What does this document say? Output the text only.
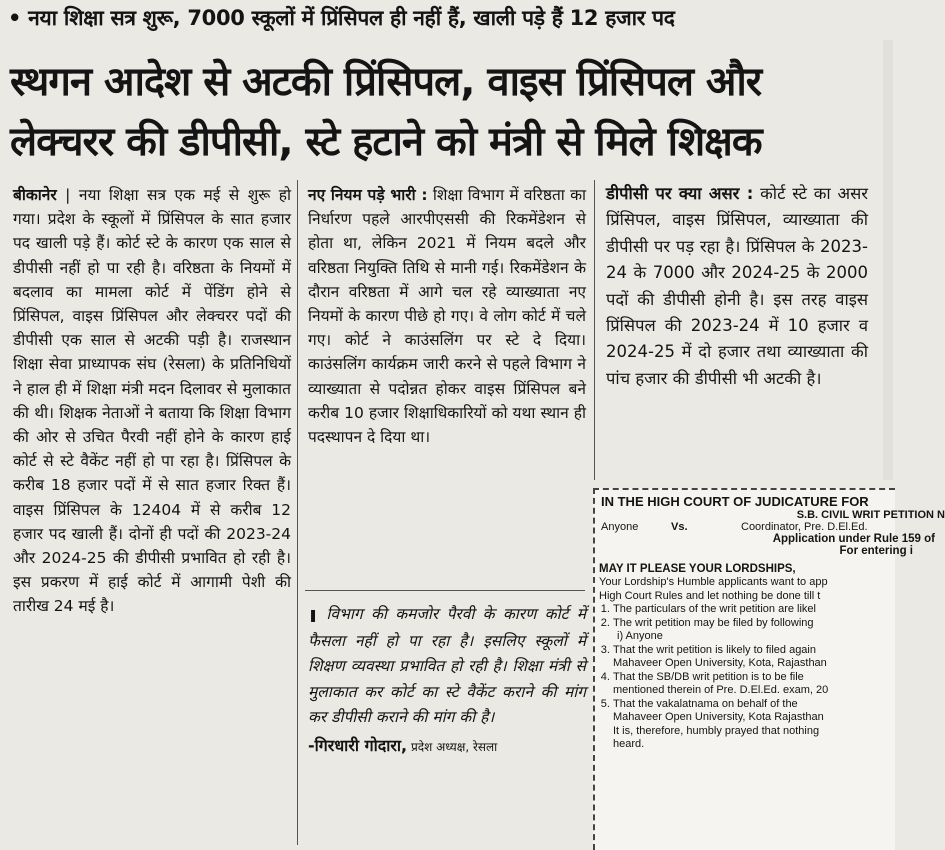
• नया शिक्षा सत्र शुरू, 7000 स्कूलों में प्रिंसिपल ही नहीं हैं, खाली पड़े हैं 12 हजार पद
स्थगन आदेश से अटकी प्रिंसिपल, वाइस प्रिंसिपल और
लेक्चरर की डीपीसी, स्टे हटाने को मंत्री से मिले शिक्षक

बीकानेर | नया शिक्षा सत्र एक मई से शुरू हो गया। प्रदेश के स्कूलों में प्रिंसिपल के सात हजार पद खाली पड़े हैं। कोर्ट स्टे के कारण एक साल से डीपीसी नहीं हो पा रही है। वरिष्ठता के नियमों में बदलाव का मामला कोर्ट में पेंडिंग होने से प्रिंसिपल, वाइस प्रिंसिपल और लेक्चरर पदों की डीपीसी एक साल से अटकी पड़ी है। राजस्थान शिक्षा सेवा प्राध्यापक संघ (रेसला) के प्रतिनिधियों ने हाल ही में शिक्षा मंत्री मदन दिलावर से मुलाकात की थी। शिक्षक नेताओं ने बताया कि शिक्षा विभाग की ओर से उचित पैरवी नहीं होने के कारण हाई कोर्ट से स्टे वैकेंट नहीं हो पा रहा है। प्रिंसिपल के करीब 18 हजार पदों में से सात हजार रिक्त हैं। वाइस प्रिंसिपल के 12404 में से करीब 12 हजार पद खाली हैं। दोनों ही पदों की 2023-24 और 2024-25 की डीपीसी प्रभावित हो रही है। इस प्रकरण में हाई कोर्ट में आगामी पेशी की तारीख 24 मई है।

नए नियम पड़े भारी : शिक्षा विभाग में वरिष्ठता का निर्धारण पहले आरपीएससी की रिकमेंडेशन से होता था, लेकिन 2021 में नियम बदले और वरिष्ठता नियुक्ति तिथि से मानी गई। रिकमेंडेशन के दौरान वरिष्ठता में आगे चल रहे व्याख्याता नए नियमों के कारण पीछे हो गए। वे लोग कोर्ट में चले गए। कोर्ट ने काउंसलिंग पर स्टे दे दिया। काउंसलिंग कार्यक्रम जारी करने से पहले विभाग ने व्याख्याता से पदोन्नत होकर वाइस प्रिंसिपल बने करीब 10 हजार शिक्षाधिकारियों को यथा स्थान ही पदस्थापन दे दिया था।

❚ विभाग की कमजोर पैरवी के कारण कोर्ट में फैसला नहीं हो पा रहा है। इसलिए स्कूलों में शिक्षण व्यवस्था प्रभावित हो रही है। शिक्षा मंत्री से मुलाकात कर कोर्ट का स्टे वैकेंट कराने की मांग कर डीपीसी कराने की मांग की है।

-गिरधारी गोदारा, प्रदेश अध्यक्ष, रेसला

डीपीसी पर क्या असर : कोर्ट स्टे का असर प्रिंसिपल, वाइस प्रिंसिपल, व्याख्याता की डीपीसी पर पड़ रहा है। प्रिंसिपल के 2023-24 के 7000 और 2024-25 के 2000 पदों की डीपीसी होनी है। इस तरह वाइस प्रिंसिपल की 2023-24 में 10 हजार व 2024-25 में दो हजार तथा व्याख्याता की पांच हजार की डीपीसी भी अटकी है।

IN THE HIGH COURT OF JUDICATURE FOR
S.B. CIVIL WRIT PETITION N
Anyone	Vs.	Coordinator, Pre. D.El.Ed.
Application under Rule 159 of
For entering i
MAY IT PLEASE YOUR LORDSHIPS,
Your Lordship's Humble applicants want to app
High Court Rules and let nothing be done till t
1. The particulars of the writ petition are likel
2. The writ petition may be filed by following
i) Anyone
3. That the writ petition is likely to filed again
Mahaveer Open University, Kota, Rajasthan
4. That the SB/DB writ petition is to be file
mentioned therein of Pre. D.El.Ed. exam, 20
5. That the vakalatnama on behalf of the
Mahaveer Open University, Kota Rajasthan
It is, therefore, humbly prayed that nothing
heard.
